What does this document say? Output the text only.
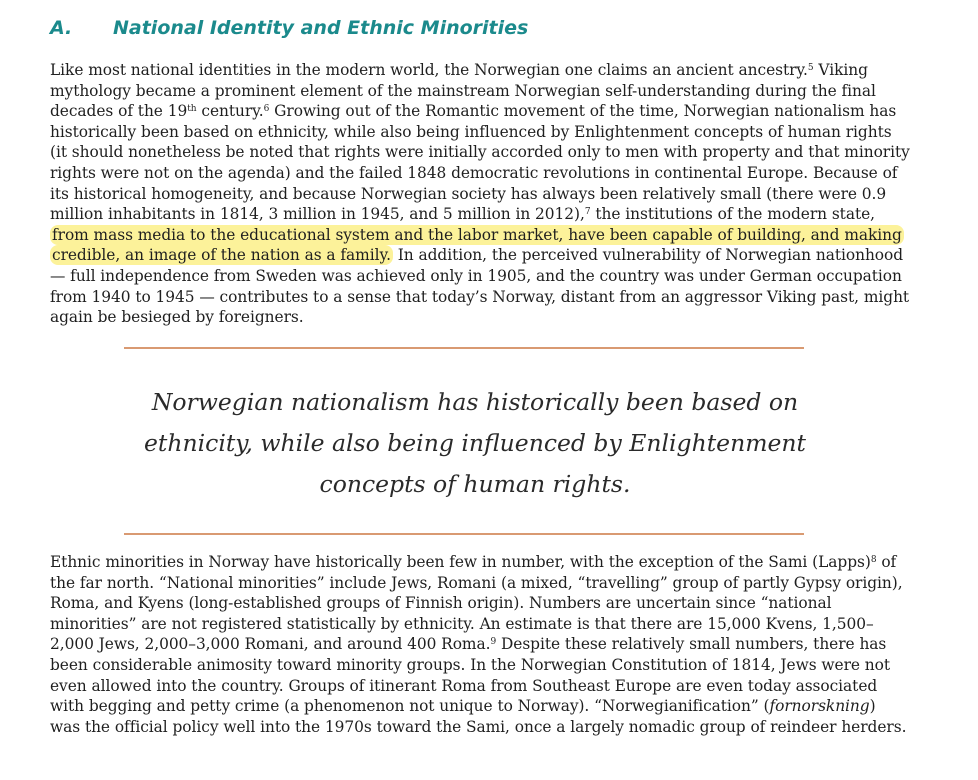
A.	National Identity and Ethnic Minorities

Like most national identities in the modern world, the Norwegian one claims an ancient ancestry.$^5$ Viking mythology became a prominent element of the mainstream Norwegian self-understanding during the final decades of the 19th century.$^6$ Growing out of the Romantic movement of the time, Norwegian nationalism has historically been based on ethnicity, while also being influenced by Enlightenment concepts of human rights (it should nonetheless be noted that rights were initially accorded only to men with property and that minority rights were not on the agenda) and the failed 1848 democratic revolutions in continental Europe. Because of its historical homogeneity, and because Norwegian society has always been relatively small (there were 0.9 million inhabitants in 1814, 3 million in 1945, and 5 million in 2012),$^7$ the institutions of the modern state, from mass media to the educational system and the labor market, have been capable of building, and making credible, an image of the nation as a family. In addition, the perceived vulnerability of Norwegian nationhood — full independence from Sweden was achieved only in 1905, and the country was under German occupation from 1940 to 1945 — contributes to a sense that today’s Norway, distant from an aggressor Viking past, might again be besieged by foreigners.

Norwegian nationalism has historically been based on
ethnicity, while also being influenced by Enlightenment
concepts of human rights.

Ethnic minorities in Norway have historically been few in number, with the exception of the Sami (Lapps)$^8$ of the far north. “National minorities” include Jews, Romani (a mixed, “travelling” group of partly Gypsy origin), Roma, and Kyens (long-established groups of Finnish origin). Numbers are uncertain since “national minorities” are not registered statistically by ethnicity. An estimate is that there are 15,000 Kvens, 1,500–2,000 Jews, 2,000–3,000 Romani, and around 400 Roma.$^9$ Despite these relatively small numbers, there has been considerable animosity toward minority groups. In the Norwegian Constitution of 1814, Jews were not even allowed into the country. Groups of itinerant Roma from Southeast Europe are even today associated with begging and petty crime (a phenomenon not unique to Norway). “Norwegianification” (fornorskning) was the official policy well into the 1970s toward the Sami, once a largely nomadic group of reindeer herders.
